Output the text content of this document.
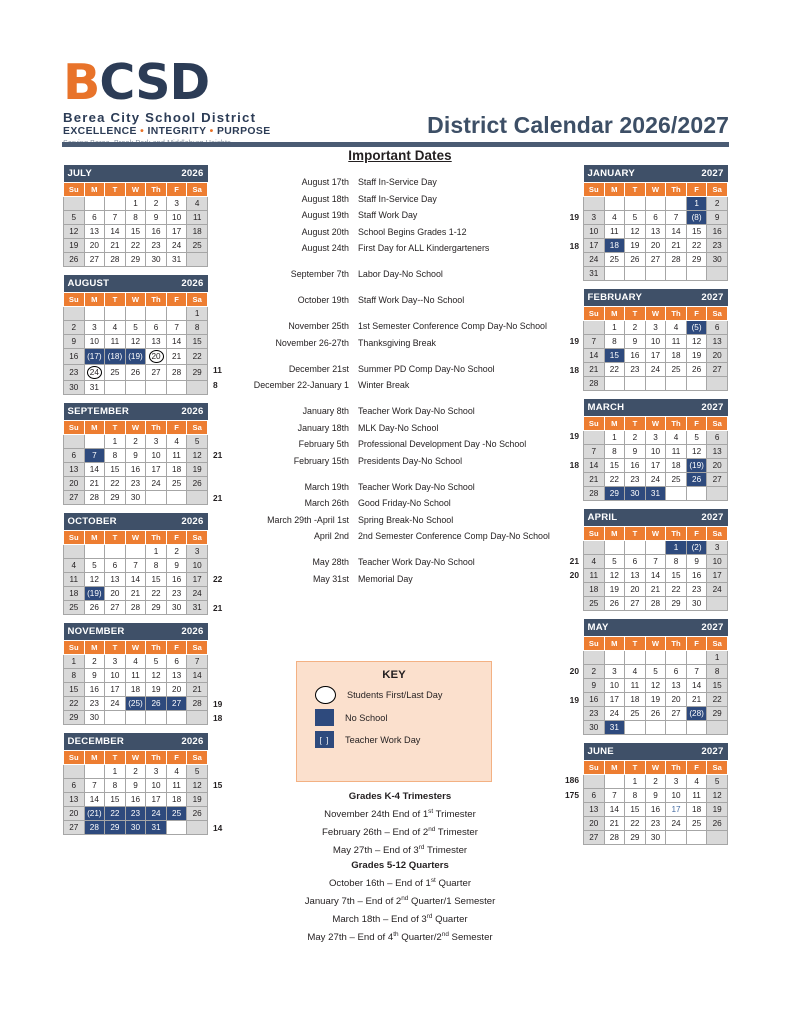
BCSD
Berea City School District
EXCELLENCE • INTEGRITY • PURPOSE	District Calendar 2026/2027
JULY				2026		
Su	M	T	W	Th	F	Sa
			1	2	3	4
5	6	7	8	9	10	11
12	13	14	15	16	17	18
19	20	21	22	23	24	25
26	27	28	29	30	31	
AUGUST				2026		
Su	M	T	W	Th	F	Sa
						1
2	3	4	5	6	7	8
9	10	11	12	13	14	15
16	(17)	(18)	(19)	20	21	22
23	24	25	26	27	28	29
30	31					
11
8
SEPTEMBER				2026		
Su	M	T	W	Th	F	Sa
		1	2	3	4	5
6	7	8	9	10	11	12
13	14	15	16	17	18	19
20	21	22	23	24	25	26
27	28	29	30			
21
21
OCTOBER				2026		
Su	M	T	W	Th	F	Sa
				1	2	3
4	5	6	7	8	9	10
11	12	13	14	15	16	17
18	(19)	20	21	22	23	24
25	26	27	28	29	30	31
22
21
NOVEMBER				2026		
Su	M	T	W	Th	F	Sa
1	2	3	4	5	6	7
8	9	10	11	12	13	14
15	16	17	18	19	20	21
22	23	24	(25)	26	27	28
29	30					
19
18
DECEMBER				2026		
Su	M	T	W	Th	F	Sa
		1	2	3	4	5
6	7	8	9	10	11	12
13	14	15	16	17	18	19
20	(21)	22	23	24	25	26
27	28	29	30	31		
15
14
JANUARY				2027		
Su	M	T	W	Th	F	Sa
					1	2
3	4	5	6	7	(8)	9
10	11	12	13	14	15	16
17	18	19	20	21	22	23
24	25	26	27	28	29	30
31						
19
18
FEBRUARY				2027		
Su	M	T	W	Th	F	Sa
	1	2	3	4	(5)	6
7	8	9	10	11	12	13
14	15	16	17	18	19	20
21	22	23	24	25	26	27
28						
19
18
MARCH				2027		
Su	M	T	W	Th	F	Sa
	1	2	3	4	5	6
7	8	9	10	11	12	13
14	15	16	17	18	(19)	20
21	22	23	24	25	26	27
28	29	30	31			
19
18
APRIL				2027		
Su	M	T	W	Th	F	Sa
				1	(2)	3
4	5	6	7	8	9	10
11	12	13	14	15	16	17
18	19	20	21	22	23	24
25	26	27	28	29	30	
21
20
MAY				2027		
Su	M	T	W	Th	F	Sa
						1
2	3	4	5	6	7	8
9	10	11	12	13	14	15
16	17	18	19	20	21	22
23	24	25	26	27	(28)	29
30	31					
20
19
JUNE				2027		
Su	M	T	W	Th	F	Sa
		1	2	3	4	5
6	7	8	9	10	11	12
13	14	15	16	17	18	19
20	21	22	23	24	25	26
27	28	29	30			
186
175
Important Dates
August 17th	Staff In-Service Day
August 18th	Staff In-Service Day
August 19th	Staff Work Day
August 20th	School Begins Grades 1-12
August 24th	First Day for ALL Kindergarteners
September 7th	Labor Day-No School
October 19th	Staff Work Day--No School
November 25th	1st Semester Conference Comp Day-No School
November 26-27th	Thanksgiving Break
December 21st	Summer PD Comp Day-No School
December 22-January 1	Winter Break
January 8th	Teacher Work Day-No School
January 18th	MLK Day-No School
February 5th	Professional Development Day -No School
February 15th	Presidents Day-No School
March 19th	Teacher Work Day-No School
March 26th	Good Friday-No School
March 29th -April 1st	Spring Break-No School
April 2nd	2nd Semester Conference Comp Day-No School
May 28th	Teacher Work Day-No School
May 31st	Memorial Day
KEY
Students First/Last Day
No School
[ ]	Teacher Work Day
Grades K-4 Trimesters
November 24th End of 1st Trimester
February 26th – End of 2nd Trimester
May 27th – End of 3rd Trimester
Grades 5-12 Quarters
October 16th – End of 1st Quarter
January 7th – End of 2nd Quarter/1 Semester
March 18th – End of 3rd Quarter
May 27th – End of 4th Quarter/2nd Semester
